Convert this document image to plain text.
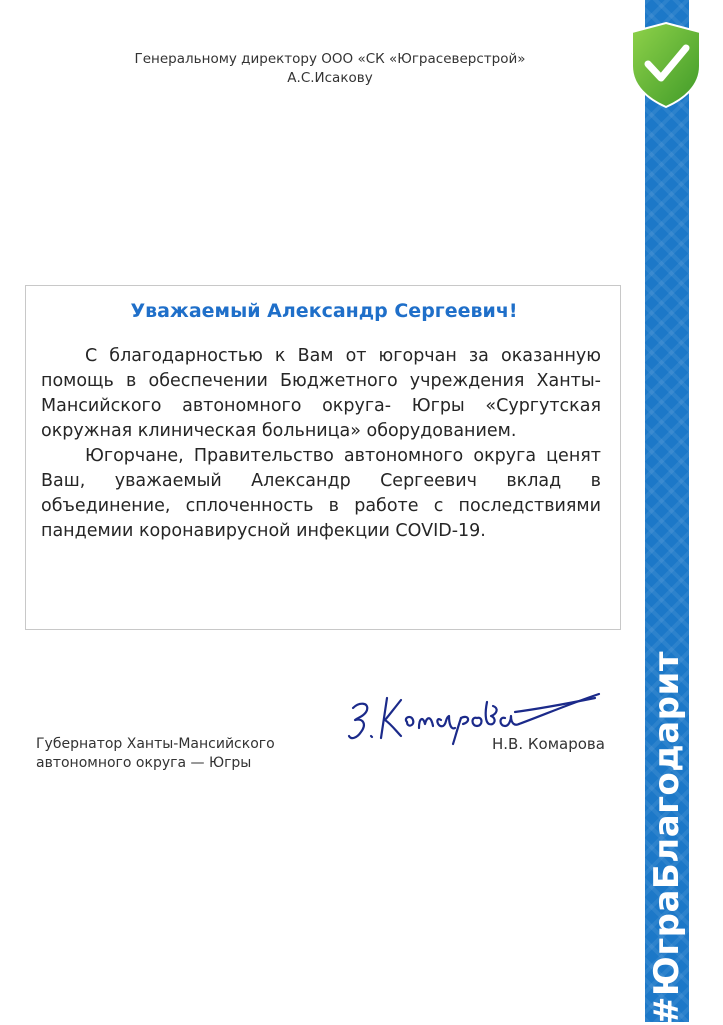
#ЮграБлагодарит
Генеральному директору ООО «СК «Юграсеверстрой»
А.С.Исакову
Уважаемый Александр Сергеевич!

С благодарностью к Вам от югорчан за оказанную помощь в обеспечении Бюджетного учреждения Ханты-Мансийского автономного округа- Югры «Сургутская окружная клиническая больница» оборудованием.

Югорчане, Правительство автономного округа ценят Ваш, уважаемый Александр Сергеевич вклад в объединение, сплоченность в работе с последствиями пандемии коронавирусной инфекции COVID-19.

Губернатор Ханты-Мансийского
автономного округа — Югры
Н.В. Комарова
